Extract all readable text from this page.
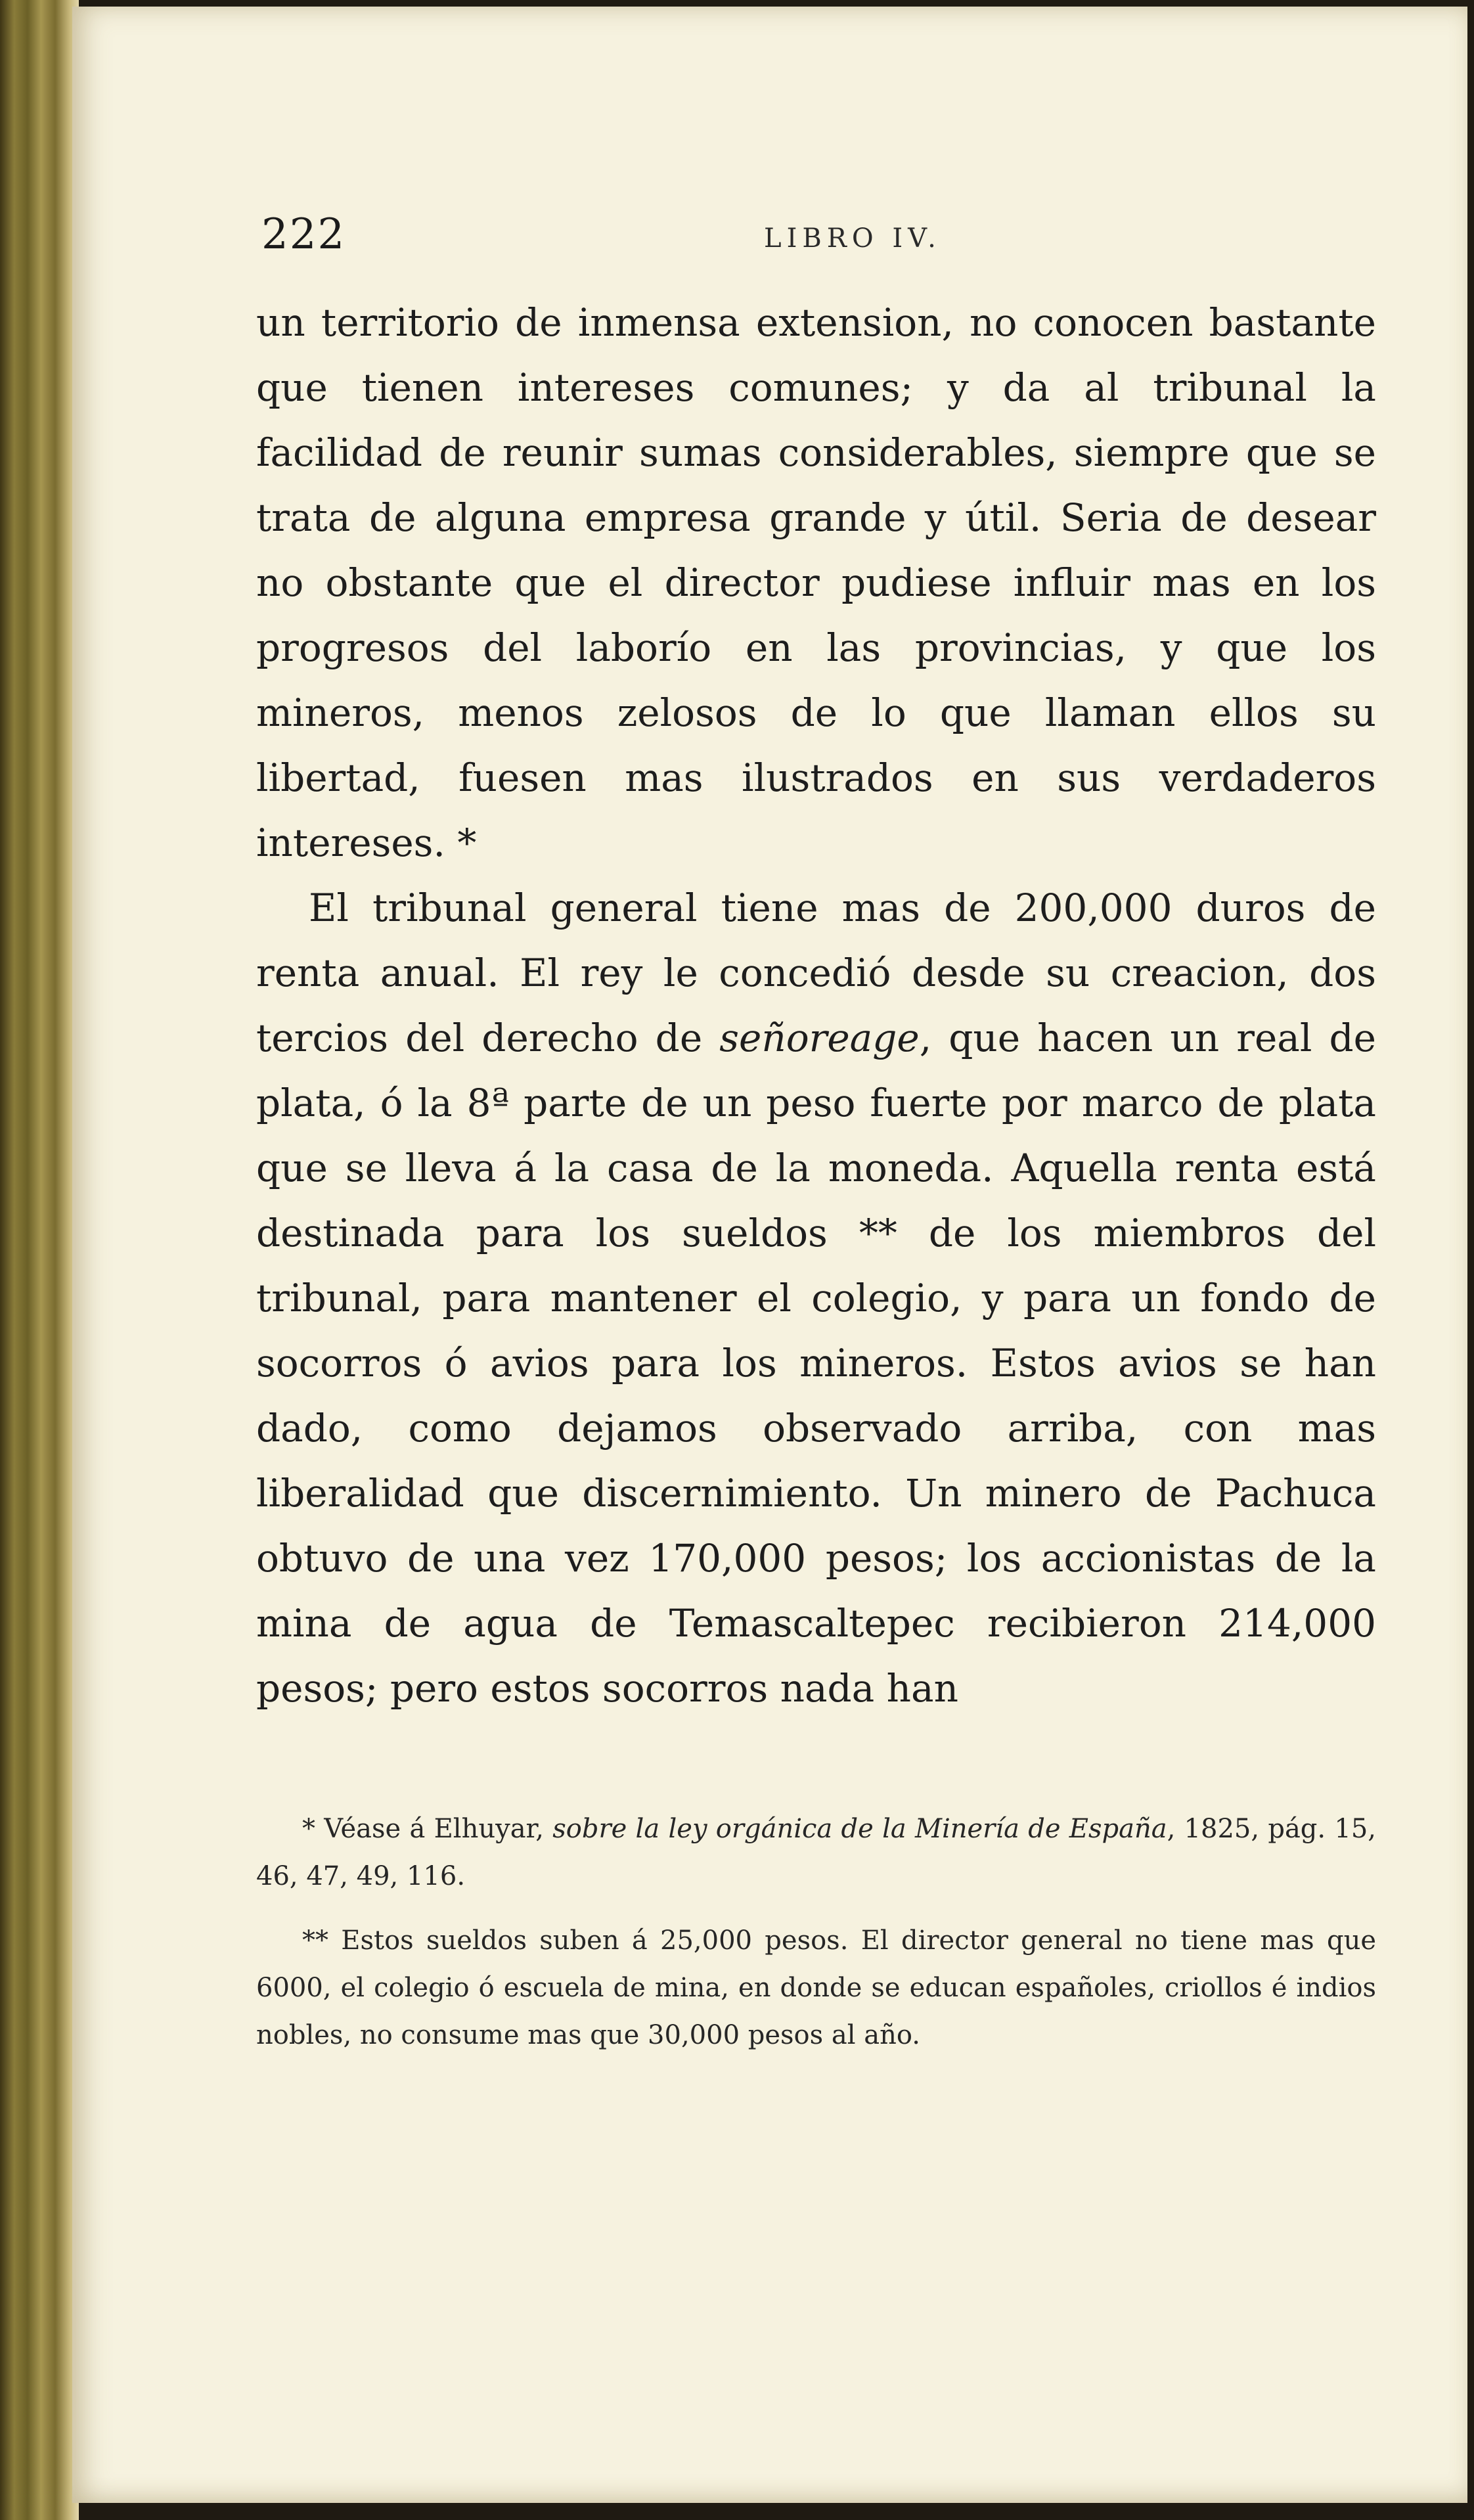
222	LIBRO IV.

un territorio de inmensa extension, no conocen bastante que tienen intereses comunes; y da al tribunal la facilidad de reunir sumas considerables, siempre que se trata de alguna empresa grande y útil. Seria de desear no obstante que el director pudiese influir mas en los progresos del laborío en las provincias, y que los mineros, menos zelosos de lo que llaman ellos su libertad, fuesen mas ilustrados en sus verdaderos intereses. *

El tribunal general tiene mas de 200,000 duros de renta anual. El rey le concedió desde su creacion, dos tercios del derecho de señoreage, que hacen un real de plata, ó la 8ª parte de un peso fuerte por marco de plata que se lleva á la casa de la moneda. Aquella renta está destinada para los sueldos ** de los miembros del tribunal, para mantener el colegio, y para un fondo de socorros ó avios para los mineros. Estos avios se han dado, como dejamos observado arriba, con mas liberalidad que discernimiento. Un minero de Pachuca obtuvo de una vez 170,000 pesos; los accionistas de la mina de agua de Temascaltepec recibieron 214,000 pesos; pero estos socorros nada han

* Véase á Elhuyar, sobre la ley orgánica de la Minería de España, 1825, pág. 15, 46, 47, 49, 116.

** Estos sueldos suben á 25,000 pesos. El director general no tiene mas que 6000, el colegio ó escuela de mina, en donde se educan españoles, criollos é indios nobles, no consume mas que 30,000 pesos al año.
